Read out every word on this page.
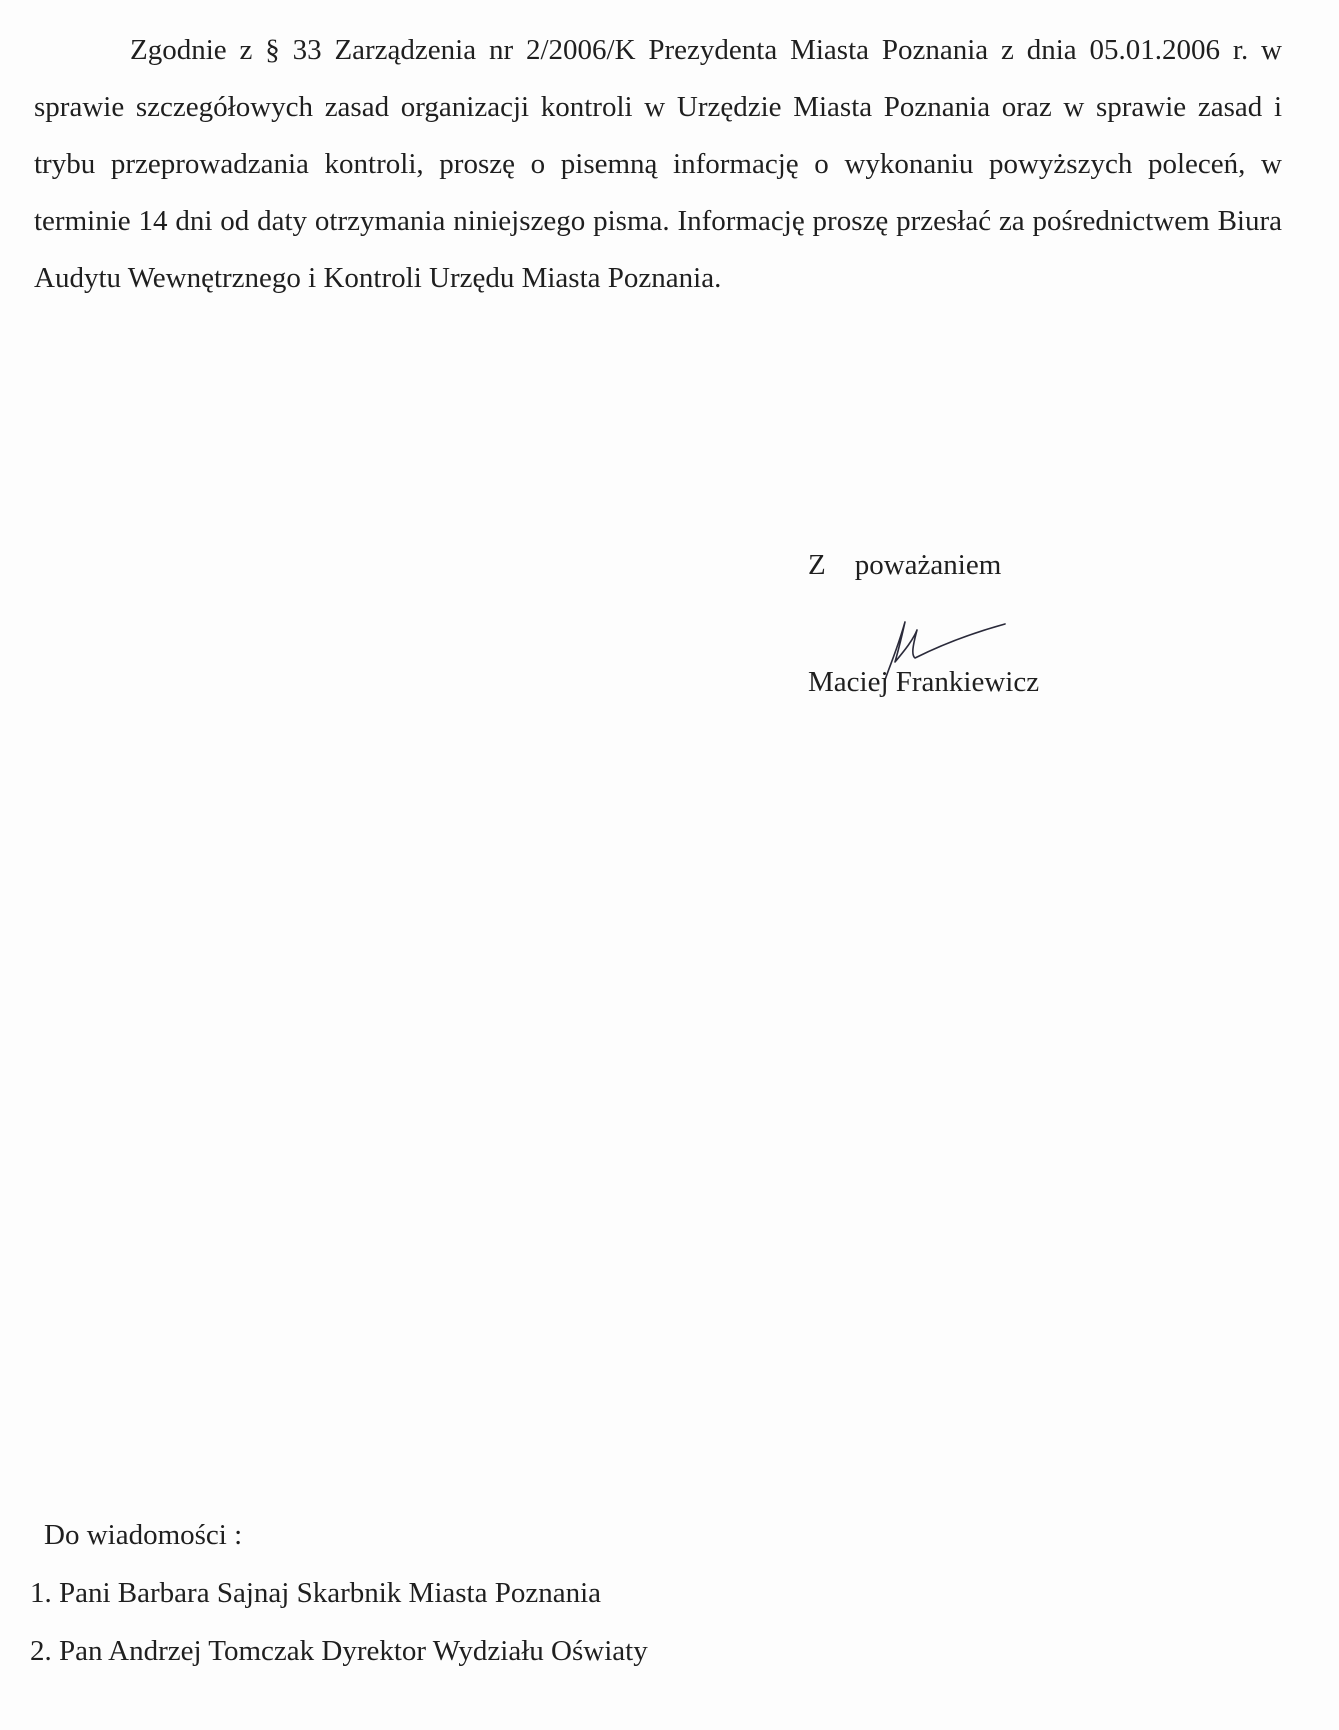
Zgodnie z § 33 Zarządzenia nr 2/2006/K Prezydenta Miasta Poznania z dnia 05.01.2006 r. w sprawie szczegółowych zasad organizacji kontroli w Urzędzie Miasta Poznania oraz w sprawie zasad i trybu przeprowadzania kontroli, proszę o pisemną informację o wykonaniu powyższych poleceń, w terminie 14 dni od daty otrzymania niniejszego pisma. Informację proszę przesłać za pośrednictwem Biura Audytu Wewnętrznego i Kontroli Urzędu Miasta Poznania.

Z    poważaniem

Maciej Frankiewicz

Do wiadomości :

1. Pani Barbara Sajnaj Skarbnik Miasta Poznania
2. Pan Andrzej Tomczak Dyrektor Wydziału Oświaty
